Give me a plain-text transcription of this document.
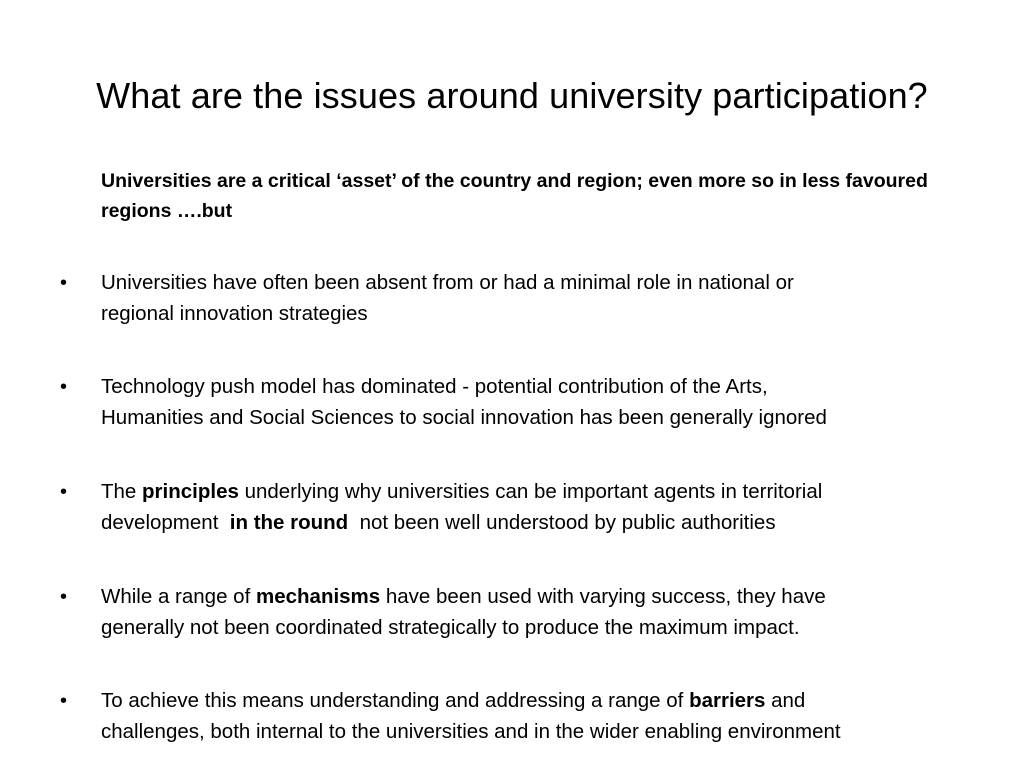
What are the issues around university participation?

Universities are a critical ‘asset’ of the country and region; even more so in less favoured regions ….but

•	Universities have often been absent from or had a minimal role in national or
regional innovation strategies
•	Technology push model has dominated - potential contribution of the Arts,
Humanities and Social Sciences to social innovation has been generally ignored
•	The principles underlying why universities can be important agents in territorial
development  in the round  not been well understood by public authorities
•	While a range of mechanisms have been used with varying success, they have
generally not been coordinated strategically to produce the maximum impact.
•	To achieve this means understanding and addressing a range of barriers and
challenges, both internal to the universities and in the wider enabling environment
